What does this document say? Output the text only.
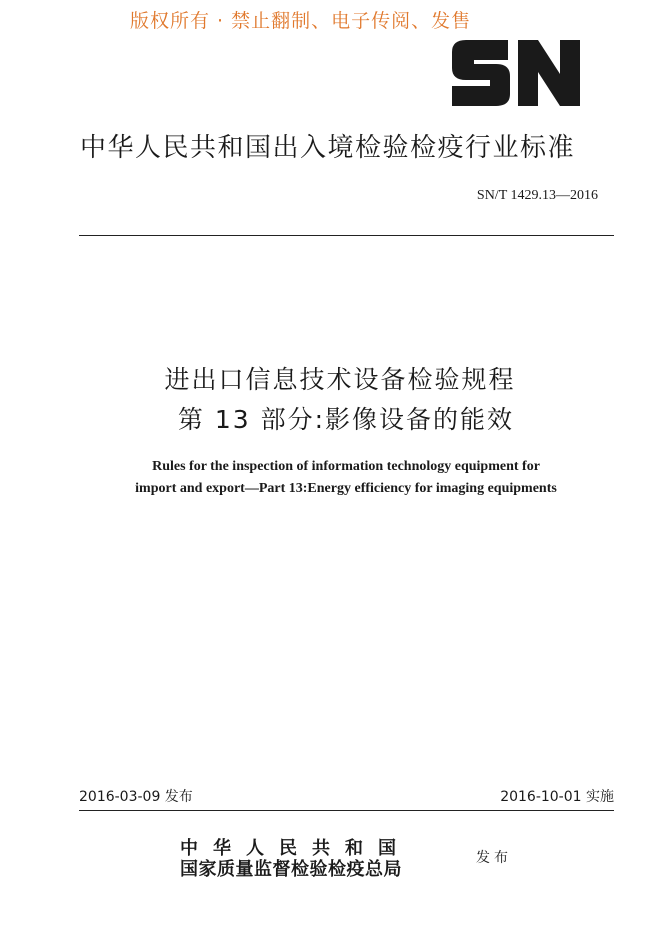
版权所有 · 禁止翻制、电子传阅、发售
中华人民共和国出入境检验检疫行业标准
SN/T 1429.13—2016
进出口信息技术设备检验规程
第 13 部分:影像设备的能效
Rules for the inspection of information technology equipment for
import and export—Part 13:Energy efficiency for imaging equipments
2016-03-09 发布	2016-10-01 实施
中华人民共和国
国家质量监督检验检疫总局
发布
